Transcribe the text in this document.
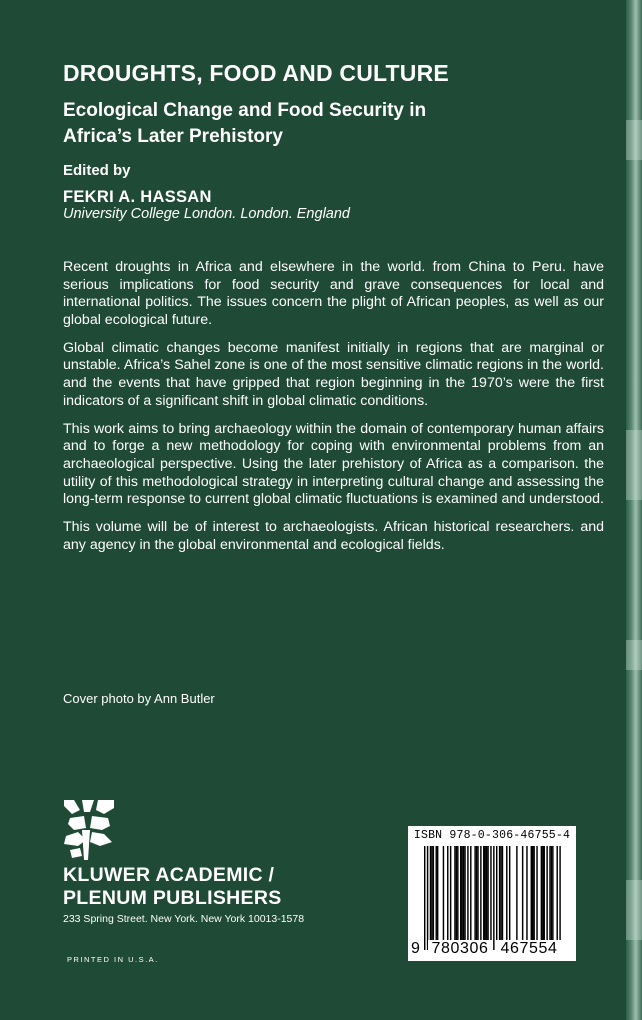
DROUGHTS, FOOD AND CULTURE
Ecological Change and Food Security in
Africa’s Later Prehistory
Edited by
FEKRI A. HASSAN
University College London. London. England

Recent droughts in Africa and elsewhere in the world. from China to Peru. have serious implications for food security and grave consequences for local and international politics. The issues concern the plight of African peoples, as well as our global ecological future.

Global climatic changes become manifest initially in regions that are marginal or unstable. Africa’s Sahel zone is one of the most sensitive climatic regions in the world. and the events that have gripped that region beginning in the 1970’s were the first indicators of a significant shift in global climatic conditions.

This work aims to bring archaeology within the domain of contemporary human affairs and to forge a new methodology for coping with environmental problems from an archaeological perspective. Using the later prehistory of Africa as a comparison. the utility of this methodological strategy in interpreting cultural change and assessing the long-term response to current global climatic fluctuations is examined and understood.

This volume will be of interest to archaeologists. African historical researchers. and any agency in the global environmental and ecological fields.

Cover photo by Ann Butler
KLUWER ACADEMIC /
PLENUM PUBLISHERS
233 Spring Street. New York. New York 10013-1578
PRINTED IN U.S.A.
ISBN 978-0-306-46755-4
9 780306 467554
